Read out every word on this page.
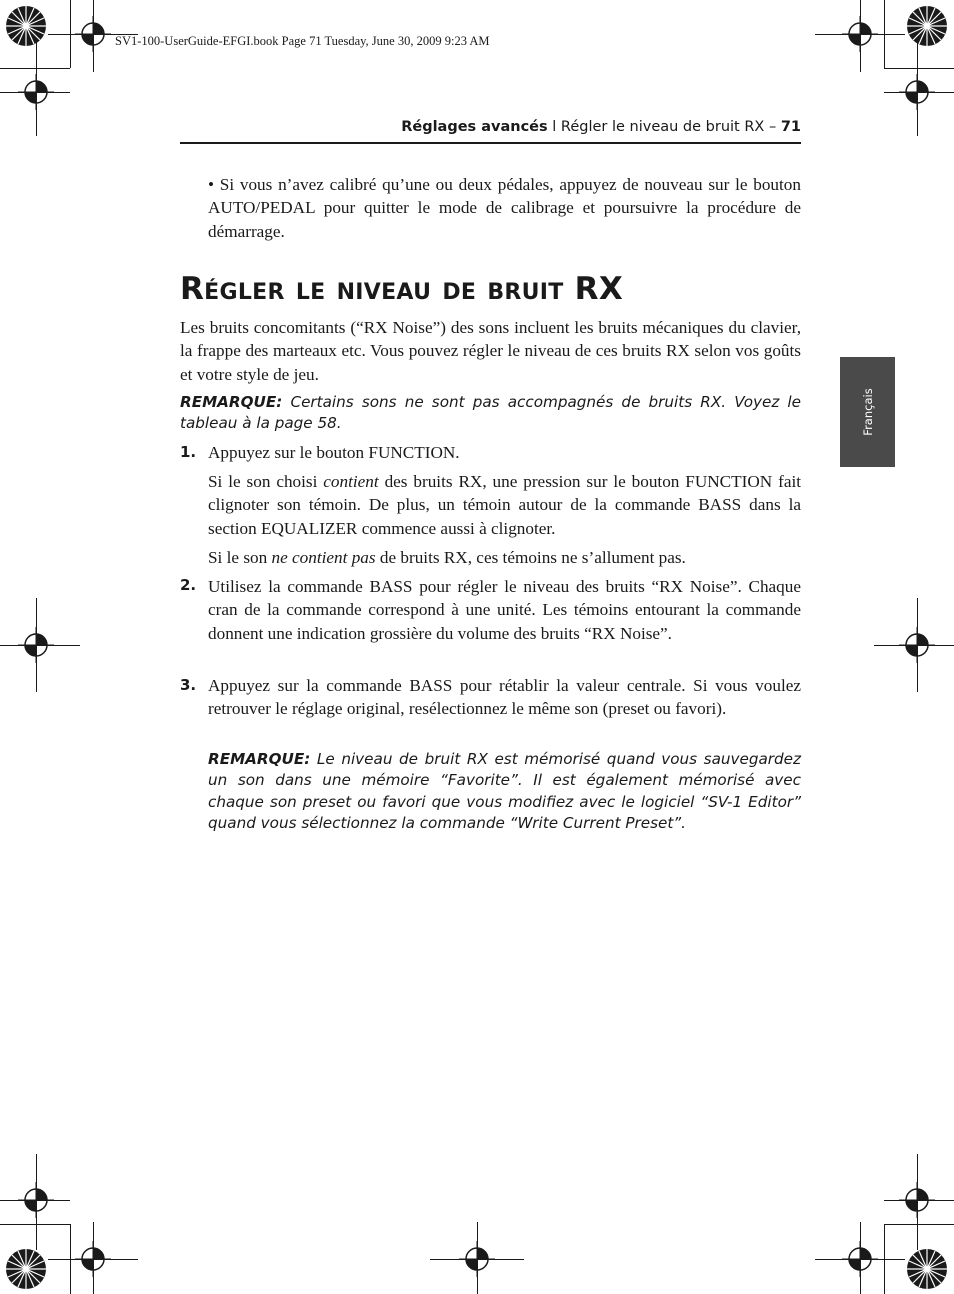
SV1-100-UserGuide-EFGI.book Page 71 Tuesday, June 30, 2009 9:23 AM
Réglages avancés l Régler le niveau de bruit RX – 71
Français
• Si vous n’avez calibré qu’une ou deux pédales, appuyez de nouveau sur le bouton AUTO/PEDAL pour quitter le mode de calibrage et poursuivre la procédure de démarrage.
Régler le niveau de bruit RX
Les bruits concomitants (“RX Noise”) des sons incluent les bruits mécaniques du clavier, la frappe des marteaux etc. Vous pouvez régler le niveau de ces bruits RX selon vos goûts et votre style de jeu.
REMARQUE: Certains sons ne sont pas accompagnés de bruits RX. Voyez le tableau à la page 58.
1. Appuyez sur le bouton FUNCTION.
Si le son choisi contient des bruits RX, une pression sur le bouton FUNCTION fait clignoter son témoin. De plus, un témoin autour de la commande BASS dans la section EQUALIZER commence aussi à clignoter.
Si le son ne contient pas de bruits RX, ces témoins ne s’allument pas.
2. Utilisez la commande BASS pour régler le niveau des bruits “RX Noise”. Chaque cran de la commande correspond à une unité. Les témoins entourant la commande donnent une indication grossière du volume des bruits “RX Noise”.
3. Appuyez sur la commande BASS pour rétablir la valeur centrale. Si vous voulez retrouver le réglage original, resélectionnez le même son (preset ou favori).
REMARQUE: Le niveau de bruit RX est mémorisé quand vous sauvegardez un son dans une mémoire “Favorite”. Il est également mémorisé avec chaque son preset ou favori que vous modifiez avec le logiciel “SV-1 Editor” quand vous sélectionnez la commande “Write Current Preset”.
